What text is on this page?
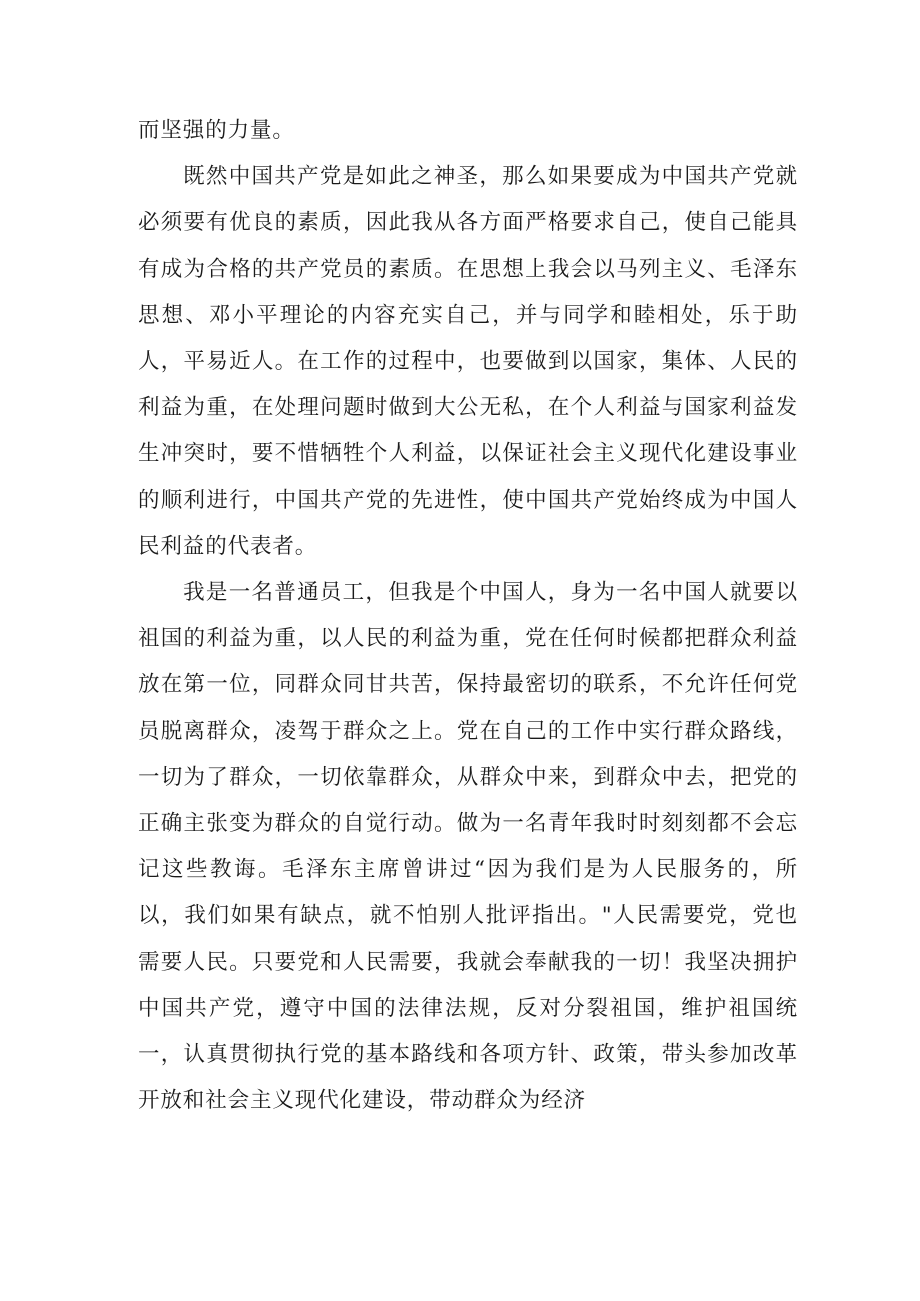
而坚强的力量。

既然中国共产党是如此之神圣，那么如果要成为中国共产党就必须要有优良的素质，因此我从各方面严格要求自己，使自己能具有成为合格的共产党员的素质。在思想上我会以马列主义、毛泽东思想、邓小平理论的内容充实自己，并与同学和睦相处，乐于助人，平易近人。在工作的过程中，也要做到以国家，集体、人民的利益为重，在处理问题时做到大公无私，在个人利益与国家利益发生冲突时，要不惜牺牲个人利益，以保证社会主义现代化建设事业的顺利进行，中国共产党的先进性，使中国共产党始终成为中国人民利益的代表者。

我是一名普通员工，但我是个中国人，身为一名中国人就要以祖国的利益为重，以人民的利益为重，党在任何时候都把群众利益放在第一位，同群众同甘共苦，保持最密切的联系，不允许任何党员脱离群众，凌驾于群众之上。党在自己的工作中实行群众路线，一切为了群众，一切依靠群众，从群众中来，到群众中去，把党的正确主张变为群众的自觉行动。做为一名青年我时时刻刻都不会忘记这些教诲。毛泽东主席曾讲过“因为我们是为人民服务的，所以，我们如果有缺点，就不怕别人批评指出。"人民需要党，党也需要人民。只要党和人民需要，我就会奉献我的一切！我坚决拥护中国共产党，遵守中国的法律法规，反对分裂祖国，维护祖国统一，认真贯彻执行党的基本路线和各项方针、政策，带头参加改革开放和社会主义现代化建设，带动群众为经济
